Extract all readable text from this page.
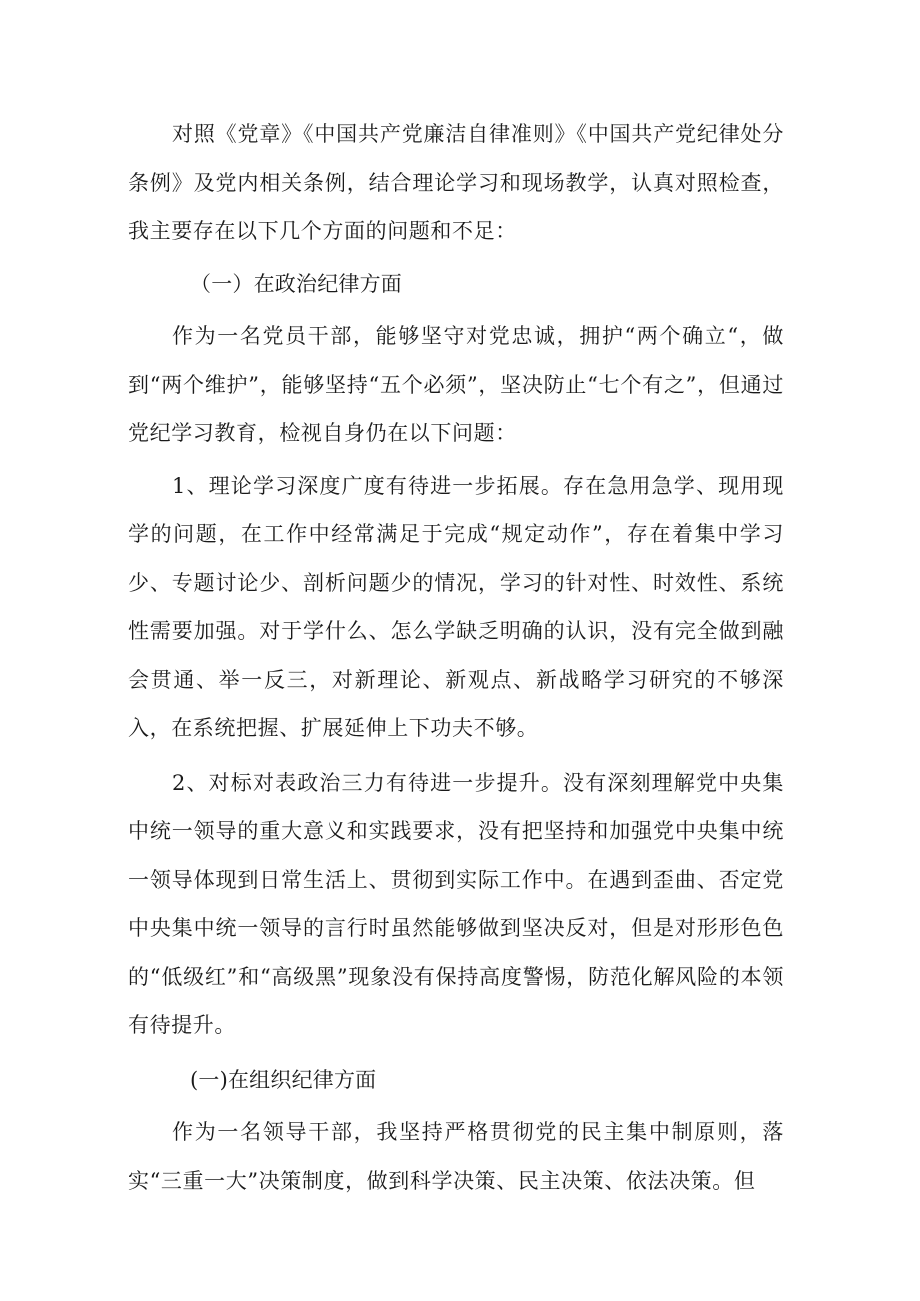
对照《党章》《中国共产党廉洁自律准则》《中国共产党纪律处分条例》及党内相关条例，结合理论学习和现场教学，认真对照检查，我主要存在以下几个方面的问题和不足：

（一）在政治纪律方面

作为一名党员干部，能够坚守对党忠诚，拥护“两个确立“，做到“两个维护”，能够坚持“五个必须”，坚决防止“七个有之”，但通过党纪学习教育，检视自身仍在以下问题：

1、理论学习深度广度有待进一步拓展。存在急用急学、现用现学的问题，在工作中经常满足于完成“规定动作”，存在着集中学习少、专题讨论少、剖析问题少的情况，学习的针对性、时效性、系统性需要加强。对于学什么、怎么学缺乏明确的认识，没有完全做到融会贯通、举一反三，对新理论、新观点、新战略学习研究的不够深入，在系统把握、扩展延伸上下功夫不够。

2、对标对表政治三力有待进一步提升。没有深刻理解党中央集中统一领导的重大意义和实践要求，没有把坚持和加强党中央集中统一领导体现到日常生活上、贯彻到实际工作中。在遇到歪曲、否定党中央集中统一领导的言行时虽然能够做到坚决反对，但是对形形色色的“低级红”和“高级黑”现象没有保持高度警惕，防范化解风险的本领有待提升。

(一)在组织纪律方面

作为一名领导干部，我坚持严格贯彻党的民主集中制原则，落实“三重一大”决策制度，做到科学决策、民主决策、依法决策。但
